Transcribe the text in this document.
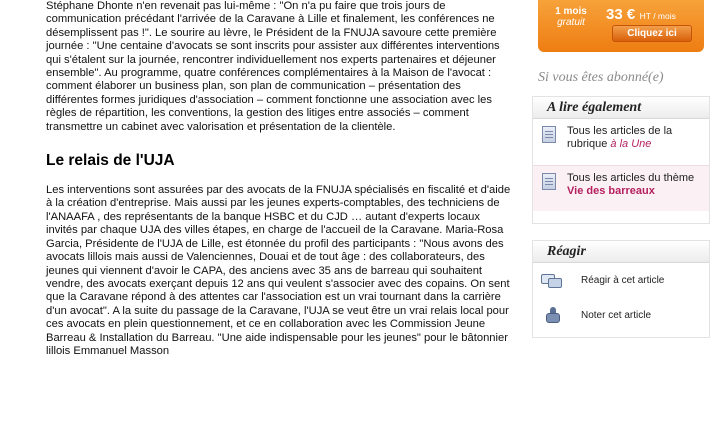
Stéphane Dhonte n'en revenait pas lui-même : "On n'a pu faire que trois jours de communication précédant l'arrivée de la Caravane à Lille et finalement, les conférences ne désemplissent pas !". Le sourire au lèvre, le Président de la FNUJA savoure cette première journée : "Une centaine d'avocats se sont inscrits pour assister aux différentes interventions qui s'étalent sur la journée, rencontrer individuellement nos experts partenaires et déjeuner ensemble". Au programme, quatre conférences complémentaires à la Maison de l'avocat : comment élaborer un business plan, son plan de communication – présentation des différentes formes juridiques d'association – comment fonctionne une association avec les règles de répartition, les conventions, la gestion des litiges entre associés – comment transmettre un cabinet avec valorisation et présentation de la clientèle.

Le relais de l'UJA

Les interventions sont assurées par des avocats de la FNUJA spécialisés en fiscalité et d'aide à la création d'entreprise. Mais aussi par les jeunes experts-comptables, des techniciens de l'ANAAFA , des représentants de la banque HSBC et du CJD … autant d'experts locaux invités par chaque UJA des villes étapes, en charge de l'accueil de la Caravane. Maria-Rosa Garcia, Présidente de l'UJA de Lille, est étonnée du profil des participants : "Nous avons des avocats lillois mais aussi de Valenciennes, Douai et de tout âge : des collaborateurs, des jeunes qui viennent d'avoir le CAPA, des anciens avec 35 ans de barreau qui souhaitent vendre, des avocats exerçant depuis 12 ans qui veulent s'associer avec des copains. On sent que la Caravane répond à des attentes car l'association est un vrai tournant dans la carrière d'un avocat". A la suite du passage de la Caravane, l'UJA se veut être un vrai relais local pour ces avocats en plein questionnement, et ce en collaboration avec les Commission Jeune Barreau & Installation du Barreau. "Une aide indispensable pour les jeunes" pour le bâtonnier lillois Emmanuel Masson

1 mois
gratuit	33 € HT / mois
Cliquez ici
Si vous êtes abonné(e)
A lire également
Tous les articles de la rubrique à la Une
Tous les articles du thème Vie des barreaux
Réagir
Réagir à cet article
Noter cet article
